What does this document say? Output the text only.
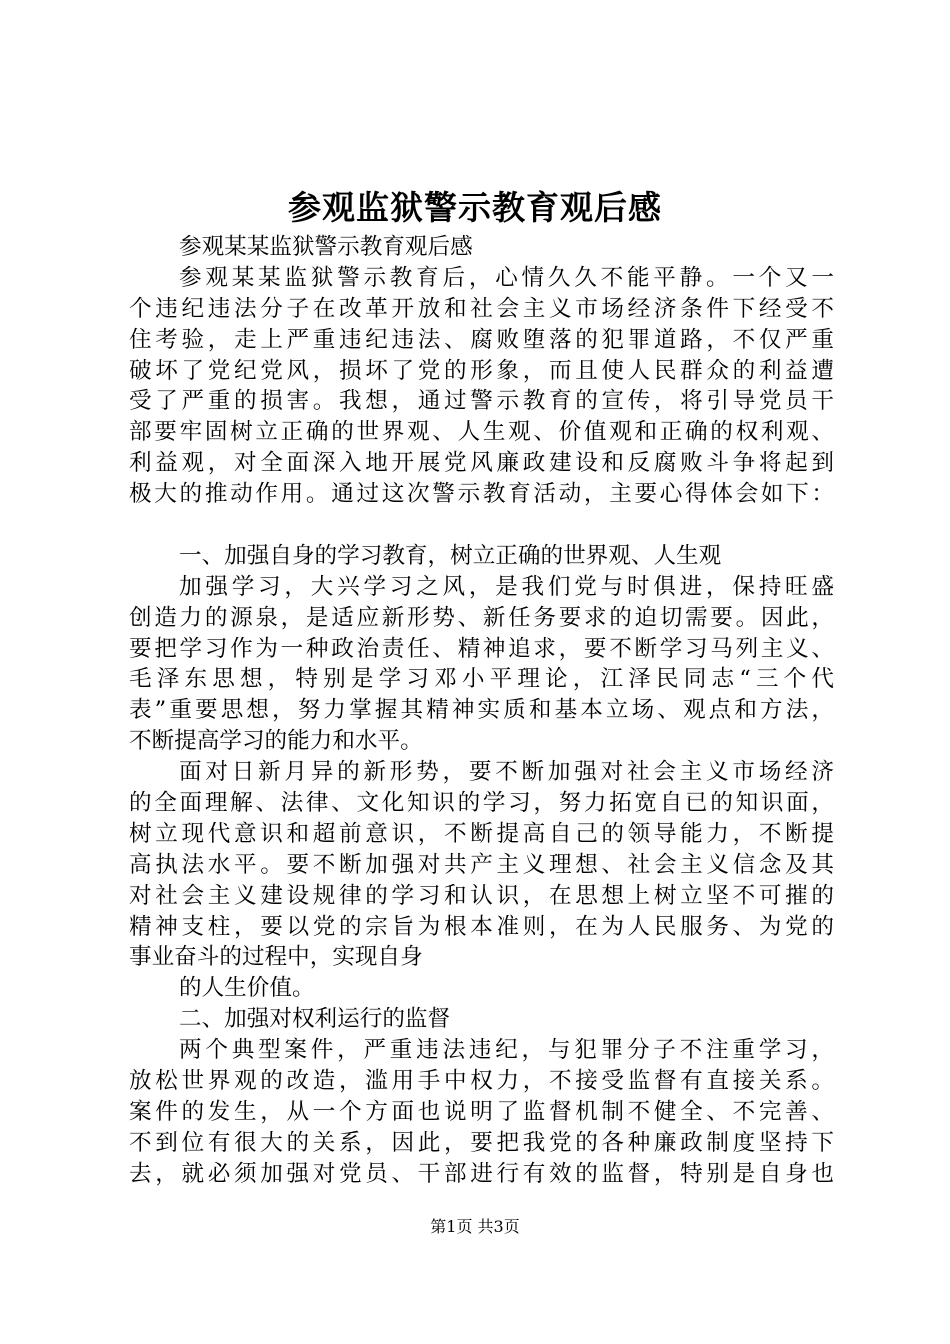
参观监狱警示教育观后感
参观某某监狱警示教育观后感
参观某某监狱警示教育后，心情久久不能平静。一个又一
个违纪违法分子在改革开放和社会主义市场经济条件下经受不
住考验，走上严重违纪违法、腐败堕落的犯罪道路，不仅严重
破坏了党纪党风，损坏了党的形象，而且使人民群众的利益遭
受了严重的损害。我想，通过警示教育的宣传，将引导党员干
部要牢固树立正确的世界观、人生观、价值观和正确的权利观、
利益观，对全面深入地开展党风廉政建设和反腐败斗争将起到
极大的推动作用。通过这次警示教育活动，主要心得体会如下：
一、加强自身的学习教育，树立正确的世界观、人生观
加强学习，大兴学习之风，是我们党与时俱进，保持旺盛
创造力的源泉，是适应新形势、新任务要求的迫切需要。因此，
要把学习作为一种政治责任、精神追求，要不断学习马列主义、
毛泽东思想，特别是学习邓小平理论，江泽民同志“三个代
表”重要思想，努力掌握其精神实质和基本立场、观点和方法，
不断提高学习的能力和水平。
面对日新月异的新形势，要不断加强对社会主义市场经济
的全面理解、法律、文化知识的学习，努力拓宽自已的知识面，
树立现代意识和超前意识，不断提高自己的领导能力，不断提
高执法水平。要不断加强对共产主义理想、社会主义信念及其
对社会主义建设规律的学习和认识，在思想上树立坚不可摧的
精神支柱，要以党的宗旨为根本准则，在为人民服务、为党的
事业奋斗的过程中，实现自身
的人生价值。
二、加强对权利运行的监督
两个典型案件，严重违法违纪，与犯罪分子不注重学习，
放松世界观的改造，滥用手中权力，不接受监督有直接关系。
案件的发生，从一个方面也说明了监督机制不健全、不完善、
不到位有很大的关系，因此，要把我党的各种廉政制度坚持下
去，就必须加强对党员、干部进行有效的监督，特别是自身也
第1页 共3页
